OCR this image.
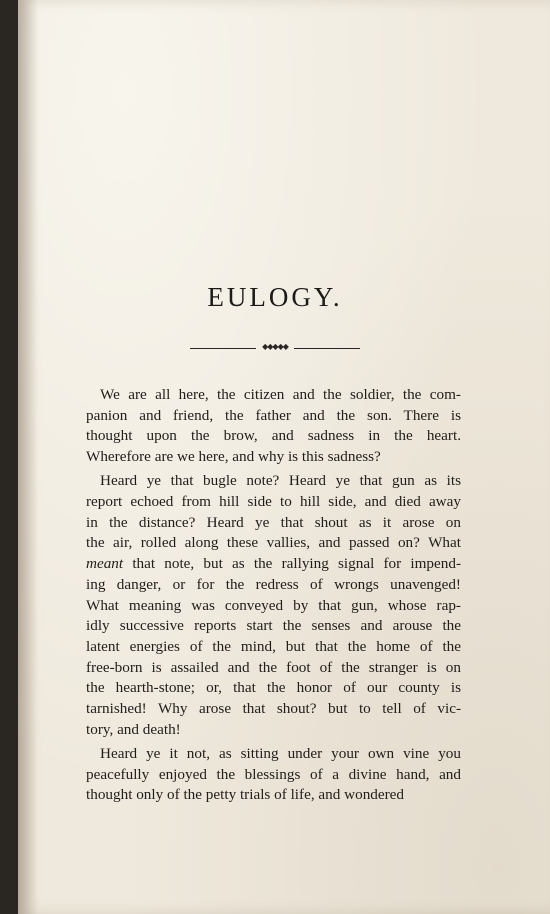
EULOGY.
◆◆◆◆◆

We are all here, the citizen and the soldier, the com-
panion and friend, the father and the son. There is
thought upon the brow, and sadness in the heart.
Wherefore are we here, and why is this sadness?

Heard ye that bugle note? Heard ye that gun as its
report echoed from hill side to hill side, and died away
in the distance? Heard ye that shout as it arose on
the air, rolled along these vallies, and passed on? What
meant that note, but as the rallying signal for impend-
ing danger, or for the redress of wrongs unavenged!
What meaning was conveyed by that gun, whose rap-
idly successive reports start the senses and arouse the
latent energies of the mind, but that the home of the
free-born is assailed and the foot of the stranger is on
the hearth-stone; or, that the honor of our county is
tarnished! Why arose that shout? but to tell of vic-
tory, and death!

Heard ye it not, as sitting under your own vine you
peacefully enjoyed the blessings of a divine hand, and
thought only of the petty trials of life, and wondered
